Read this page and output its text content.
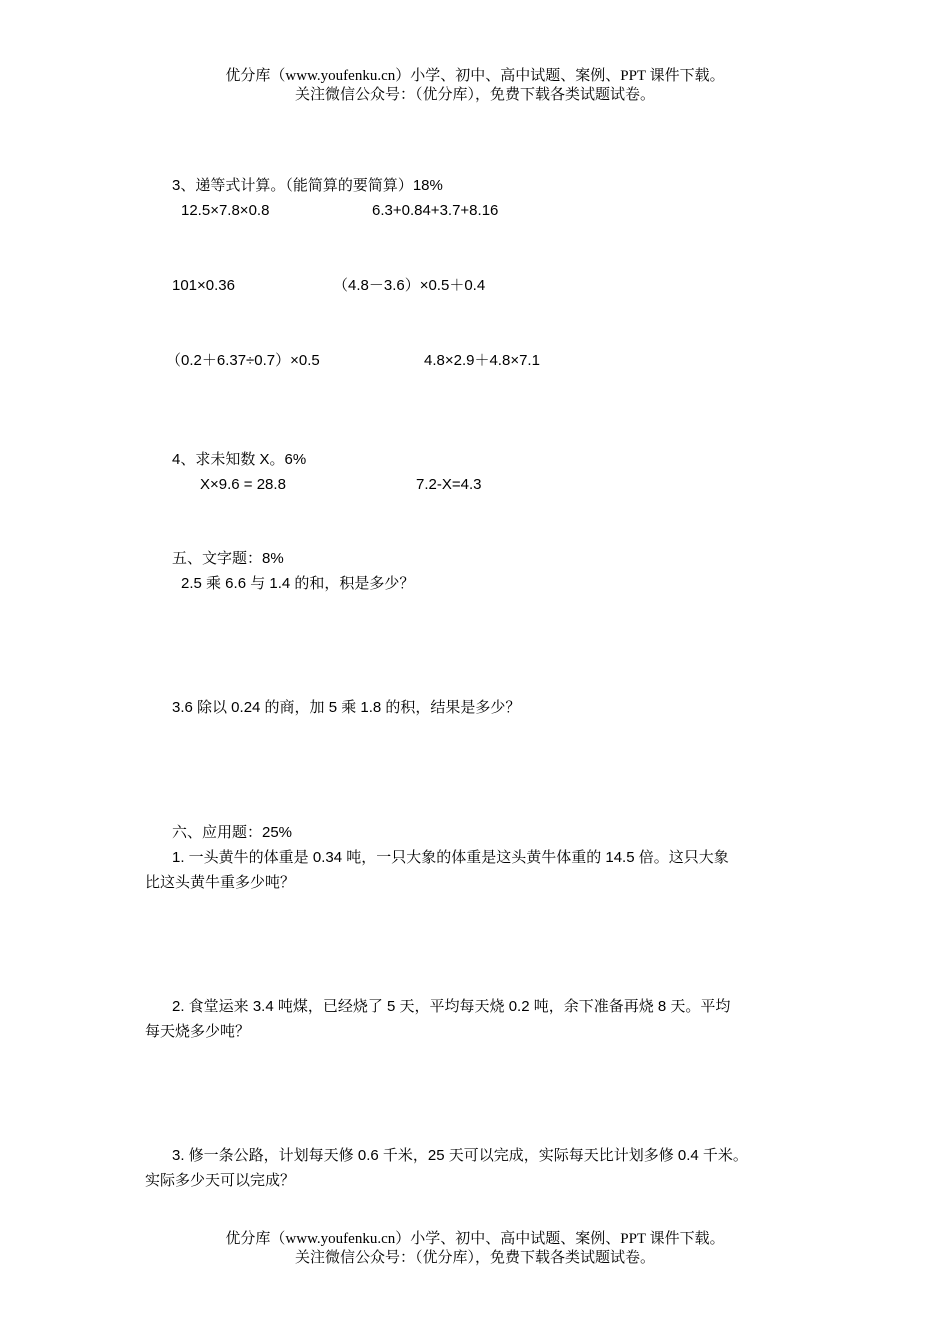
优分库（www.youfenku.cn）小学、初中、高中试题、案例、PPT 课件下载。
关注微信公众号：（优分库），免费下载各类试题试卷。
3、递等式计算。（能简算的要简算）18%
12.5×7.8×0.8	6.3+0.84+3.7+8.16
101×0.36	（4.8－3.6）×0.5＋0.4
（0.2＋6.37÷0.7）×0.5	4.8×2.9＋4.8×7.1
4、求未知数 X。6%
X×9.6 = 28.8	7.2-X=4.3
五、文字题：8%
2.5 乘 6.6 与 1.4 的和，积是多少？
3.6 除以 0.24 的商，加 5 乘 1.8 的积，结果是多少？
六、应用题：25%
1. 一头黄牛的体重是 0.34 吨，一只大象的体重是这头黄牛体重的 14.5 倍。这只大象
比这头黄牛重多少吨？
2. 食堂运来 3.4 吨煤，已经烧了 5 天，平均每天烧 0.2 吨，余下准备再烧 8 天。平均
每天烧多少吨？
3. 修一条公路，计划每天修 0.6 千米，25 天可以完成，实际每天比计划多修 0.4 千米。
实际多少天可以完成？
优分库（www.youfenku.cn）小学、初中、高中试题、案例、PPT 课件下载。
关注微信公众号：（优分库），免费下载各类试题试卷。
